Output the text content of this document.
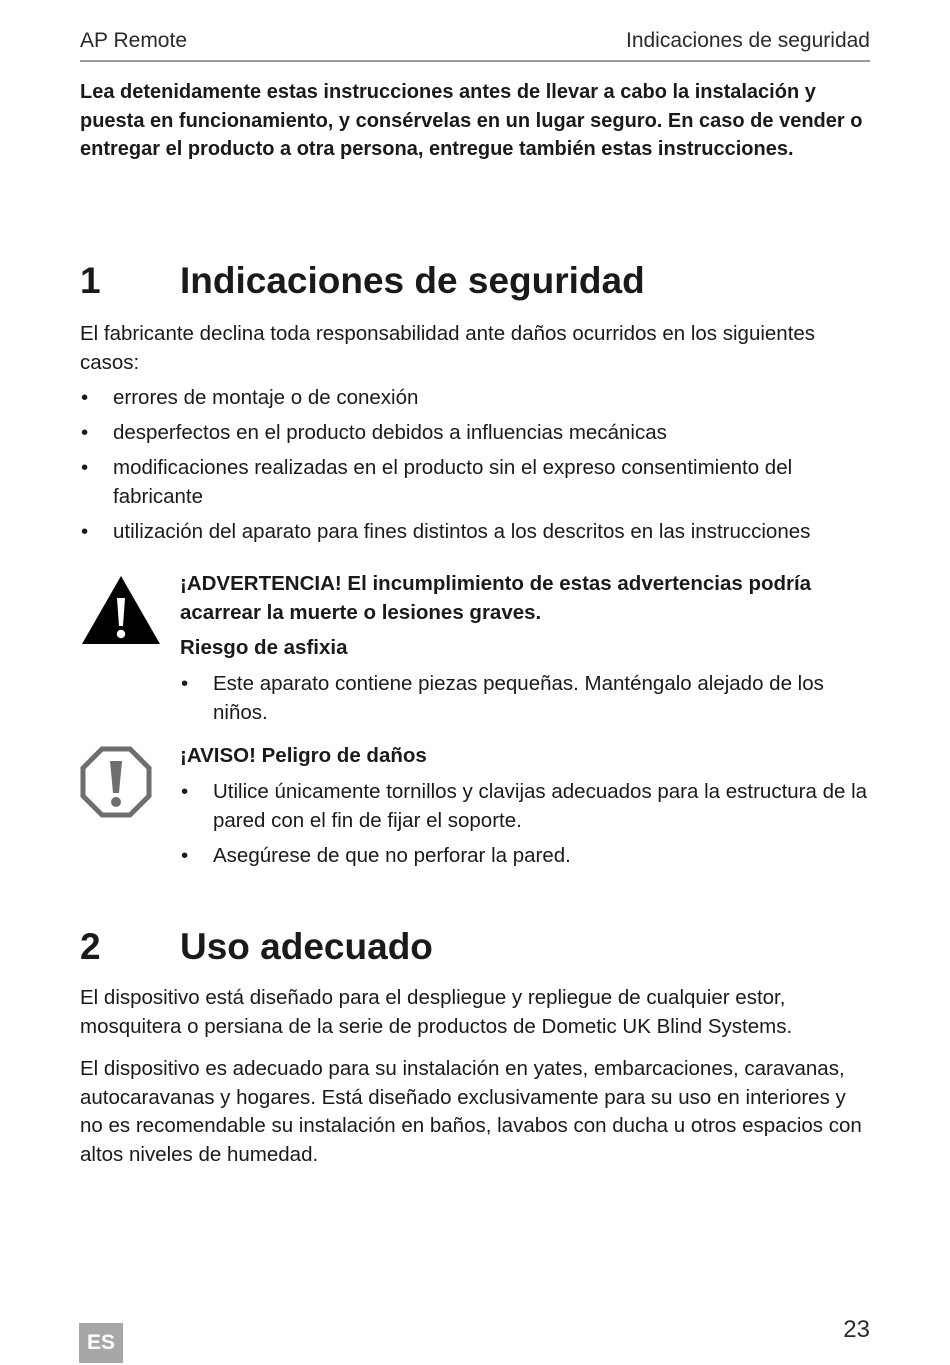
AP Remote	Indicaciones de seguridad
Lea detenidamente estas instrucciones antes de llevar a cabo la instalación y puesta en funcionamiento, y consérvelas en un lugar seguro. En caso de vender o entregar el producto a otra persona, entregue también estas instrucciones.
1 Indicaciones de seguridad
El fabricante declina toda responsabilidad ante daños ocurridos en los siguientes casos:
• errores de montaje o de conexión
• desperfectos en el producto debidos a influencias mecánicas
• modificaciones realizadas en el producto sin el expreso consentimiento del fabricante
• utilización del aparato para fines distintos a los descritos en las instrucciones
¡ADVERTENCIA! El incumplimiento de estas advertencias podría acarrear la muerte o lesiones graves.
Riesgo de asfixia
• Este aparato contiene piezas pequeñas. Manténgalo alejado de los niños.
¡AVISO! Peligro de daños
• Utilice únicamente tornillos y clavijas adecuados para la estructura de la pared con el fin de fijar el soporte.
• Asegúrese de que no perforar la pared.
2 Uso adecuado
El dispositivo está diseñado para el despliegue y repliegue de cualquier estor, mosquitera o persiana de la serie de productos de Dometic UK Blind Systems.
El dispositivo es adecuado para su instalación en yates, embarcaciones, caravanas, autocaravanas y hogares. Está diseñado exclusivamente para su uso en interiores y no es recomendable su instalación en baños, lavabos con ducha u otros espacios con altos niveles de humedad.
ES	23
